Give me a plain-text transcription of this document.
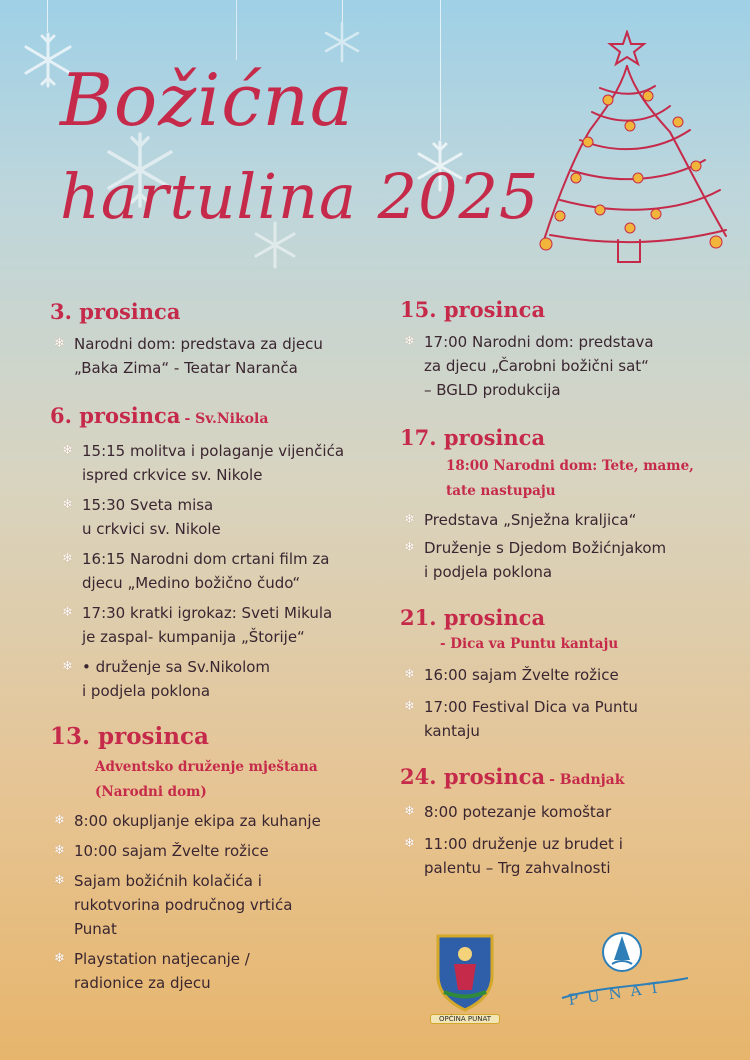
Božićna
hartulina 2025

3. prosinca

❄ Narodni dom: predstava za djecu
„Baka Zima“ - Teatar Naranča

6. prosinca - Sv.Nikola

❄ 15:15 molitva i polaganje vijenčića
ispred crkvice sv. Nikole
❄ 15:30 Sveta misa
u crkvici sv. Nikole
❄ 16:15 Narodni dom crtani film za
djecu „Medino božično čudo“
❄ 17:30 kratki igrokaz: Sveti Mikula
je zaspal- kumpanija „Štorije“
❄ • druženje sa Sv.Nikolom
i podjela poklona

13. prosinca

Adventsko druženje mještana
(Narodni dom)
❄ 8:00 okupljanje ekipa za kuhanje
❄ 10:00 sajam Žvelte rožice
❄ Sajam božićnih kolačića i
rukotvorina područnog vrtića
Punat
❄ Playstation natjecanje /
radionice za djecu

15. prosinca

❄ 17:00 Narodni dom: predstava
za djecu „Čarobni božični sat“
– BGLD produkcija

17. prosinca

18:00 Narodni dom: Tete, mame,
tate nastupaju
❄ Predstava „Snježna kraljica“
❄ Druženje s Djedom Božićnjakom
i podjela poklona

21. prosinca

- Dica va Puntu kantaju
❄ 16:00 sajam Žvelte rožice
❄ 17:00 Festival Dica va Puntu
kantaju

24. prosinca - Badnjak

❄ 8:00 potezanje komoštar
❄ 11:00 druženje uz brudet i
palentu – Trg zahvalnosti
OPĆINA PUNAT
PUNAT
